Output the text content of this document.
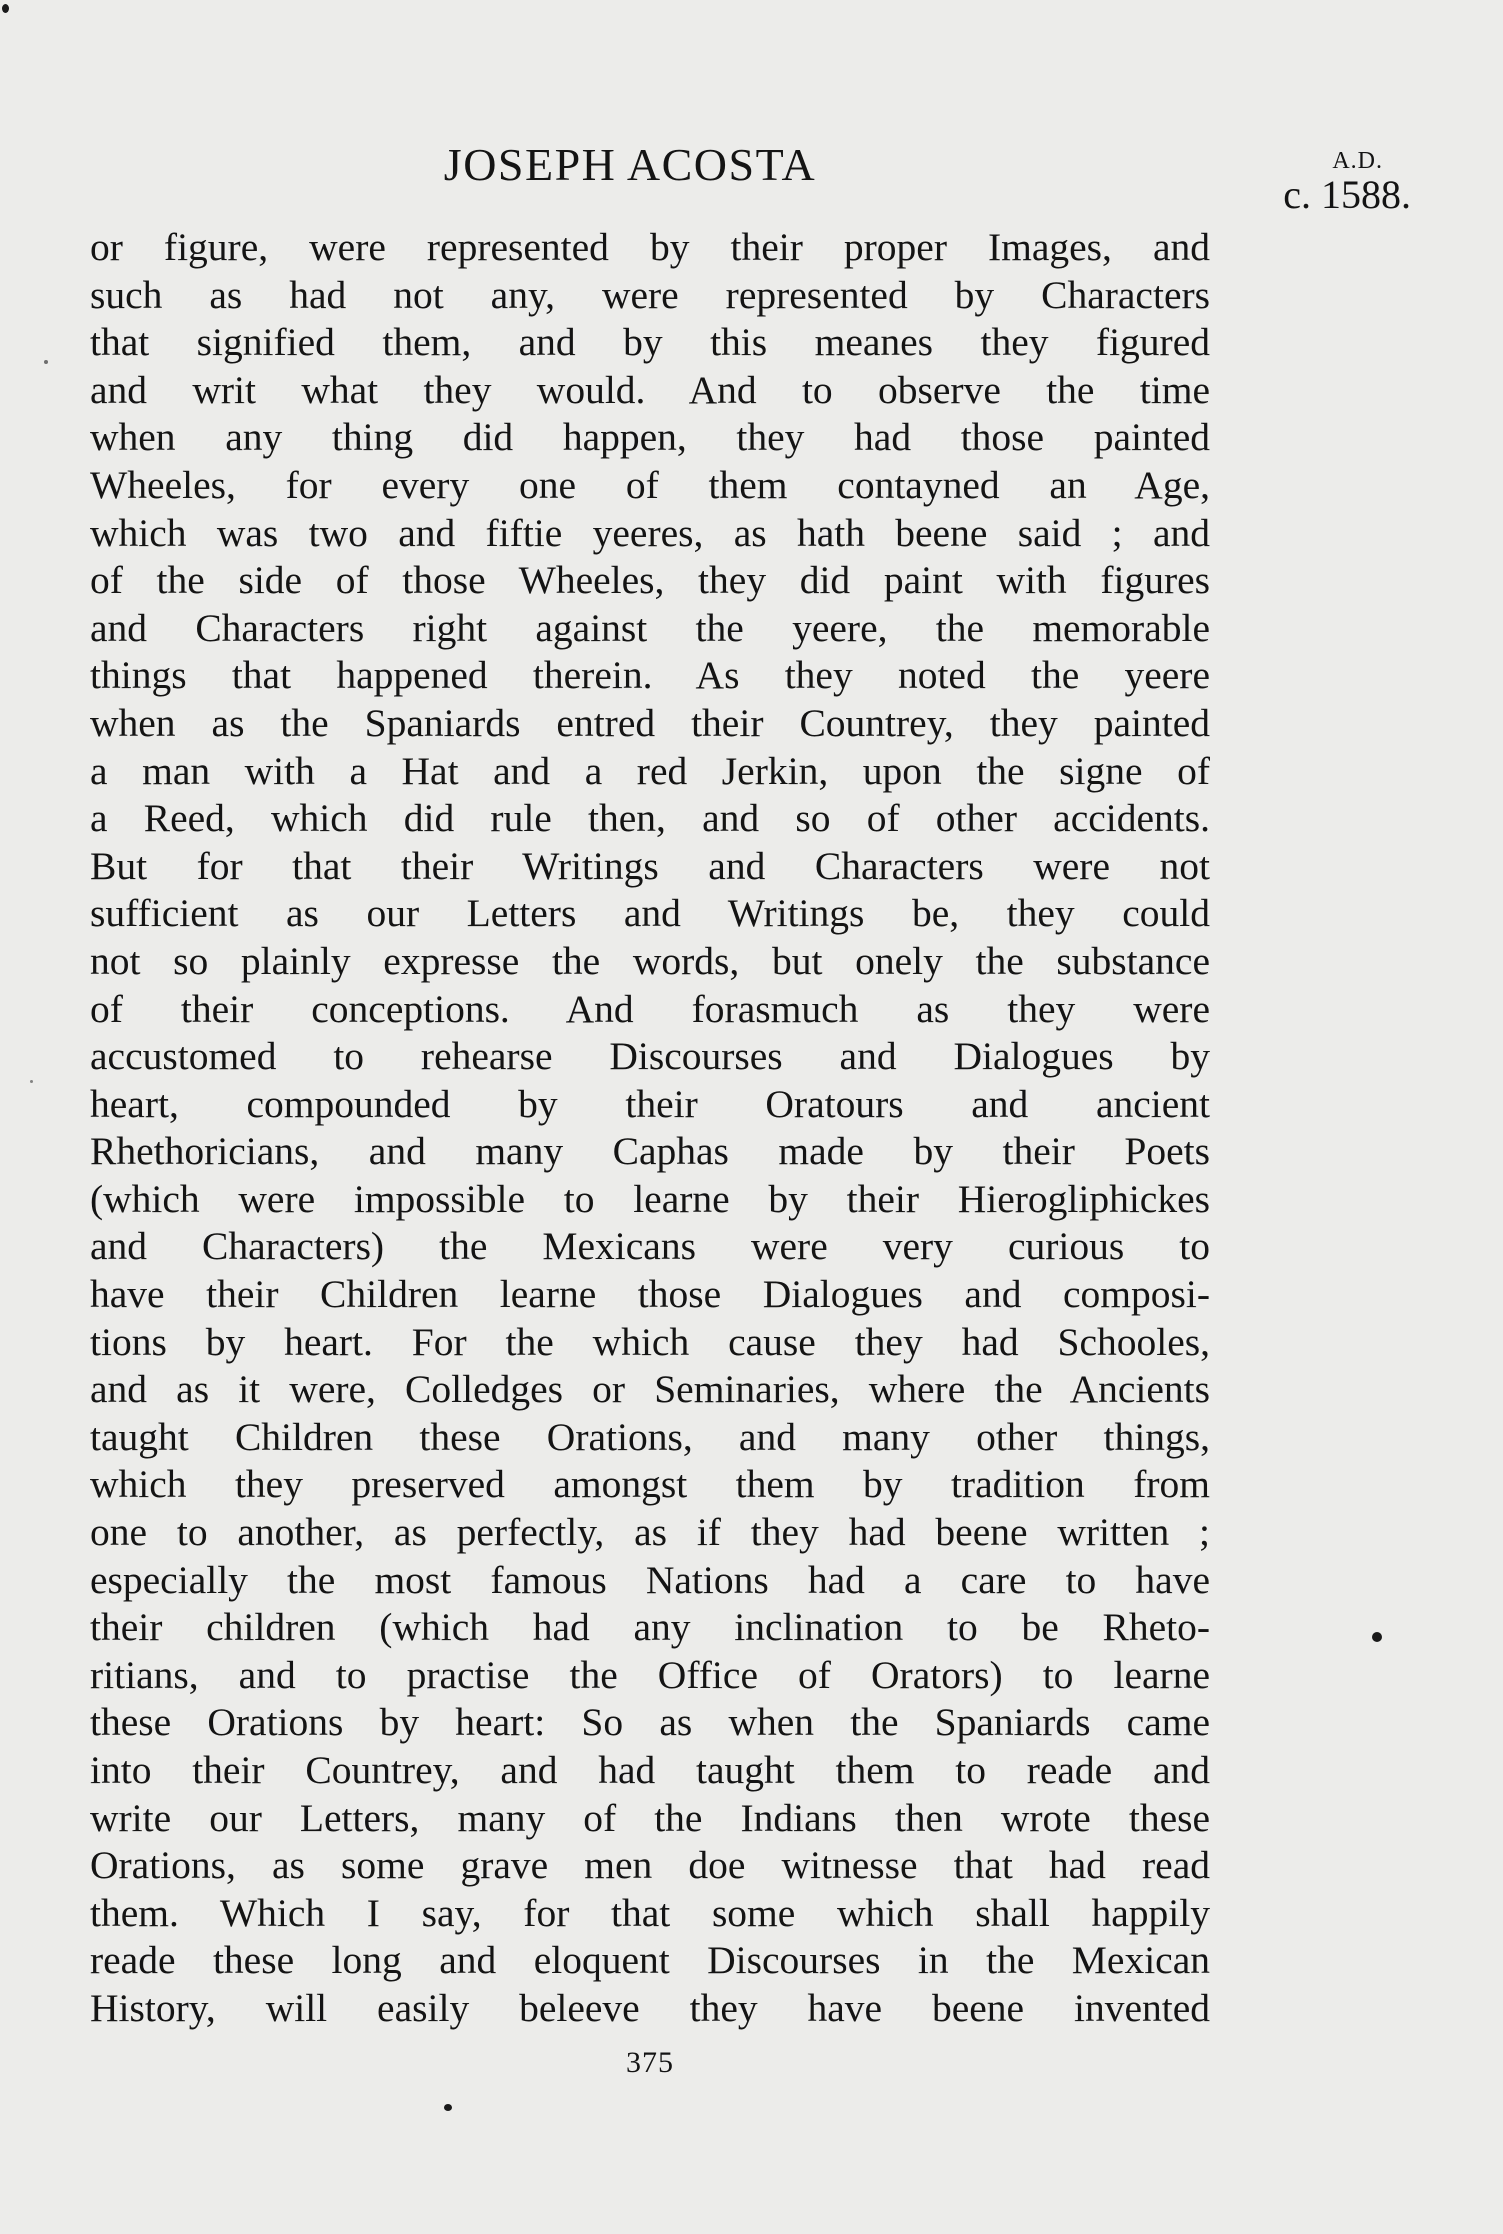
JOSEPH ACOSTA	A.D.
c. 1588.
or figure, were represented by their proper Images, and
such as had not any, were represented by Characters
that signified them, and by this meanes they figured
and writ what they would. And to observe the time
when any thing did happen, they had those painted
Wheeles, for every one of them contayned an Age,
which was two and fiftie yeeres, as hath beene said ; and
of the side of those Wheeles, they did paint with figures
and Characters right against the yeere, the memorable
things that happened therein. As they noted the yeere
when as the Spaniards entred their Countrey, they painted
a man with a Hat and a red Jerkin, upon the signe of
a Reed, which did rule then, and so of other accidents.
But for that their Writings and Characters were not
sufficient as our Letters and Writings be, they could
not so plainly expresse the words, but onely the substance
of their conceptions. And forasmuch as they were
accustomed to rehearse Discourses and Dialogues by
heart, compounded by their Oratours and ancient
Rhethoricians, and many Caphas made by their Poets
(which were impossible to learne by their Hierogliphickes
and Characters) the Mexicans were very curious to
have their Children learne those Dialogues and composi-
tions by heart. For the which cause they had Schooles,
and as it were, Colledges or Seminaries, where the Ancients
taught Children these Orations, and many other things,
which they preserved amongst them by tradition from
one to another, as perfectly, as if they had beene written ;
especially the most famous Nations had a care to have
their children (which had any inclination to be Rheto-
ritians, and to practise the Office of Orators) to learne
these Orations by heart: So as when the Spaniards came
into their Countrey, and had taught them to reade and
write our Letters, many of the Indians then wrote these
Orations, as some grave men doe witnesse that had read
them. Which I say, for that some which shall happily
reade these long and eloquent Discourses in the Mexican
History, will easily beleeve they have beene invented
375
